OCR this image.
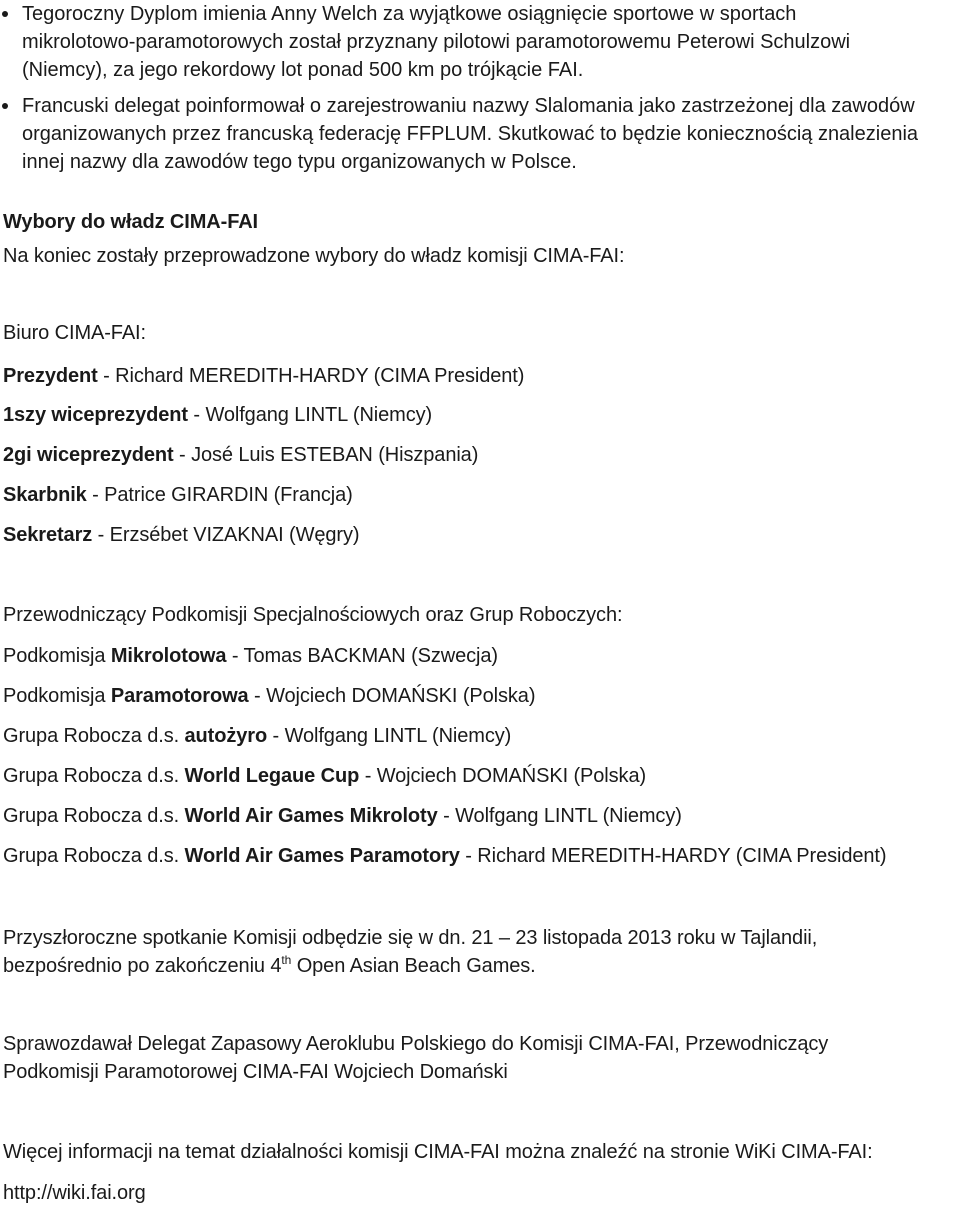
Tegoroczny Dyplom imienia Anny Welch za wyjątkowe osiągnięcie sportowe w sportach
mikrolotowo-paramotorowych został przyznany pilotowi paramotorowemu Peterowi Schulzowi
(Niemcy), za jego rekordowy lot ponad 500 km po trójkącie FAI.
Francuski delegat poinformował o zarejestrowaniu nazwy Slalomania jako zastrzeżonej dla zawodów
organizowanych przez francuską federację FFPLUM. Skutkować to będzie koniecznością znalezienia
innej nazwy dla zawodów tego typu organizowanych w Polsce.
Wybory do władz CIMA-FAI
Na koniec zostały przeprowadzone wybory do władz komisji CIMA-FAI:
Biuro CIMA-FAI:
Prezydent - Richard MEREDITH-HARDY (CIMA President)
1szy wiceprezydent - Wolfgang LINTL (Niemcy)
2gi wiceprezydent - José Luis ESTEBAN (Hiszpania)
Skarbnik - Patrice GIRARDIN (Francja)
Sekretarz - Erzsébet VIZAKNAI (Węgry)
Przewodniczący Podkomisji Specjalnościowych oraz Grup Roboczych:
Podkomisja Mikrolotowa - Tomas BACKMAN (Szwecja)
Podkomisja Paramotorowa - Wojciech DOMAŃSKI (Polska)
Grupa Robocza d.s. autożyro - Wolfgang LINTL (Niemcy)
Grupa Robocza d.s. World Legaue Cup - Wojciech DOMAŃSKI (Polska)
Grupa Robocza d.s. World Air Games Mikroloty - Wolfgang LINTL (Niemcy)
Grupa Robocza d.s. World Air Games Paramotory - Richard MEREDITH-HARDY (CIMA President)
Przyszłoroczne spotkanie Komisji odbędzie się w dn. 21 – 23 listopada 2013 roku w Tajlandii,
bezpośrednio po zakończeniu 4th Open Asian Beach Games.
Sprawozdawał Delegat Zapasowy Aeroklubu Polskiego do Komisji CIMA-FAI, Przewodniczący
Podkomisji Paramotorowej CIMA-FAI Wojciech Domański
Więcej informacji na temat działalności komisji CIMA-FAI można znaleźć na stronie WiKi CIMA-FAI:
http://wiki.fai.org
